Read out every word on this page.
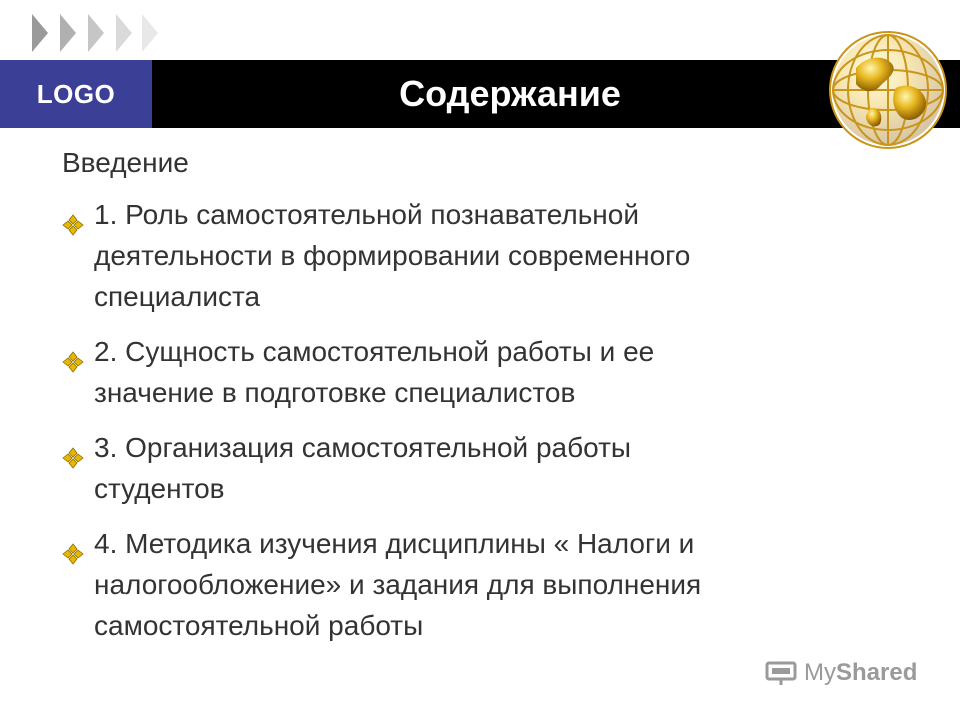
LOGO	Содержание
Введение
1. Роль самостоятельной познавательной
деятельности в формировании современного
специалиста
2. Сущность самостоятельной работы и ее
значение в подготовке специалистов
3. Организация самостоятельной работы
студентов
4. Методика изучения дисциплины « Налоги и
налогообложение» и задания для выполнения
самостоятельной работы
MyShared
